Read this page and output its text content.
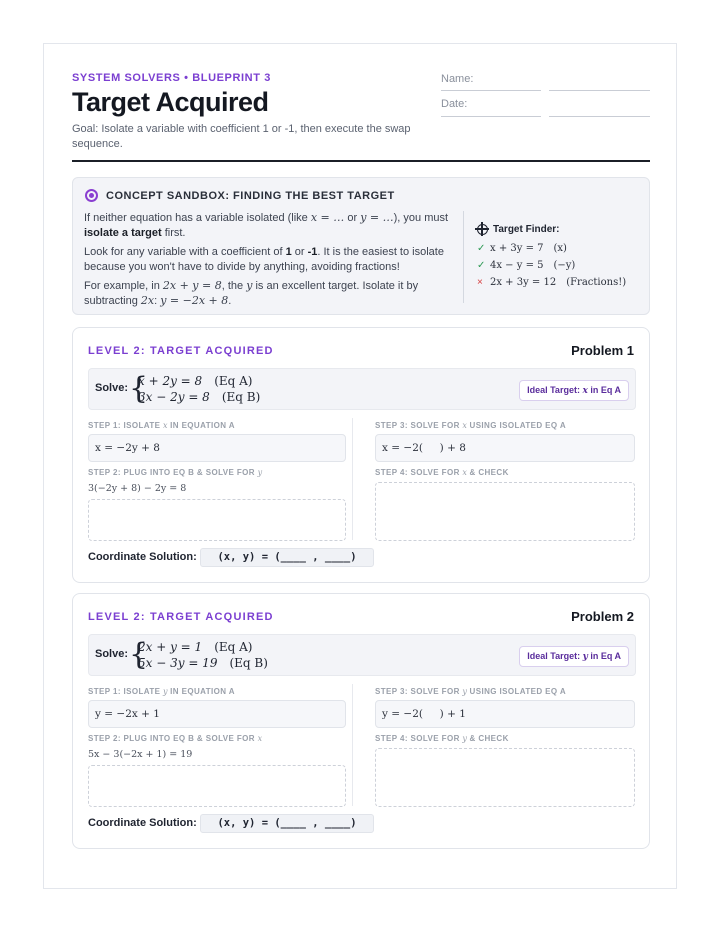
SYSTEM SOLVERS • BLUEPRINT 3
Target Acquired
Goal: Isolate a variable with coefficient 1 or -1, then execute the swap sequence.
Name:
Date:
CONCEPT SANDBOX: FINDING THE BEST TARGET

If neither equation has a variable isolated (like x = … or y = …), you must isolate a target first.

Look for any variable with a coefficient of 1 or -1. It is the easiest to isolate because you won't have to divide by anything, avoiding fractions!

For example, in 2x + y = 8, the y is an excellent target. Isolate it by subtracting 2x: y = −2x + 8.

Target Finder:
✓ x + 3y = 7 (x)
✓ 4x − y = 5 (−y)
× 2x + 3y = 12 (Fractions!)
LEVEL 2: TARGET ACQUIRED	Problem 1
Solve: {
x + 2y = 8 (Eq A)
3x − 2y = 8 (Eq B)	Ideal Target: x in Eq A
STEP 1: ISOLATE x IN EQUATION A
x = −2y + 8
STEP 2: PLUG INTO EQ B & SOLVE FOR y
3(−2y + 8) − 2y = 8
STEP 3: SOLVE FOR x USING ISOLATED EQ A
x = −2(     ) + 8
STEP 4: SOLVE FOR x & CHECK
Coordinate Solution:	(x, y) = (____ , ____)
LEVEL 2: TARGET ACQUIRED	Problem 2
Solve: {
2x + y = 1 (Eq A)
5x − 3y = 19 (Eq B)	Ideal Target: y in Eq A
STEP 1: ISOLATE y IN EQUATION A
y = −2x + 1
STEP 2: PLUG INTO EQ B & SOLVE FOR x
5x − 3(−2x + 1) = 19
STEP 3: SOLVE FOR y USING ISOLATED EQ A
y = −2(     ) + 1
STEP 4: SOLVE FOR y & CHECK
Coordinate Solution:	(x, y) = (____ , ____)
